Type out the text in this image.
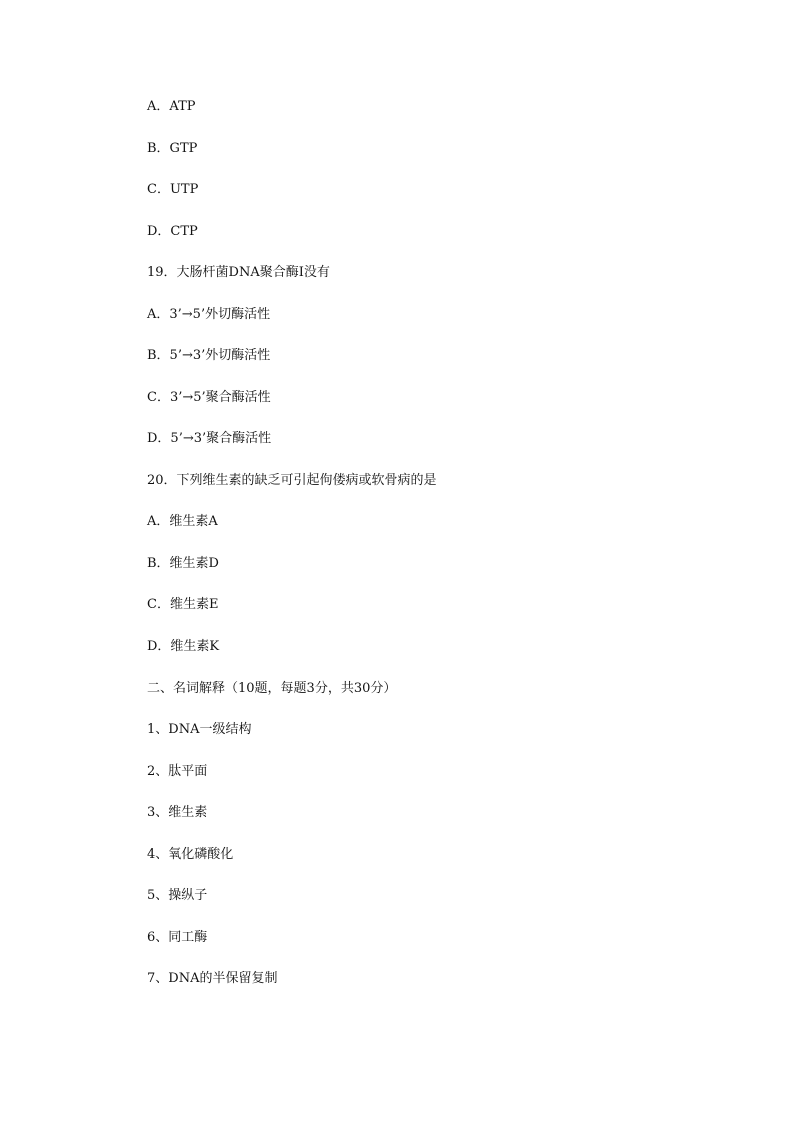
A．ATP
B．GTP
C．UTP
D．CTP
19．大肠杆菌DNA聚合酶Ⅰ没有
A．3’→5’外切酶活性
B．5’→3’外切酶活性
C．3’→5’聚合酶活性
D．5’→3’聚合酶活性
20．下列维生素的缺乏可引起佝偻病或软骨病的是
A．维生素A
B．维生素D
C．维生素E
D．维生素K
二、名词解释（10题，每题3分，共30分）
1、DNA一级结构
2、肽平面
3、维生素
4、氧化磷酸化
5、操纵子
6、同工酶
7、DNA的半保留复制
